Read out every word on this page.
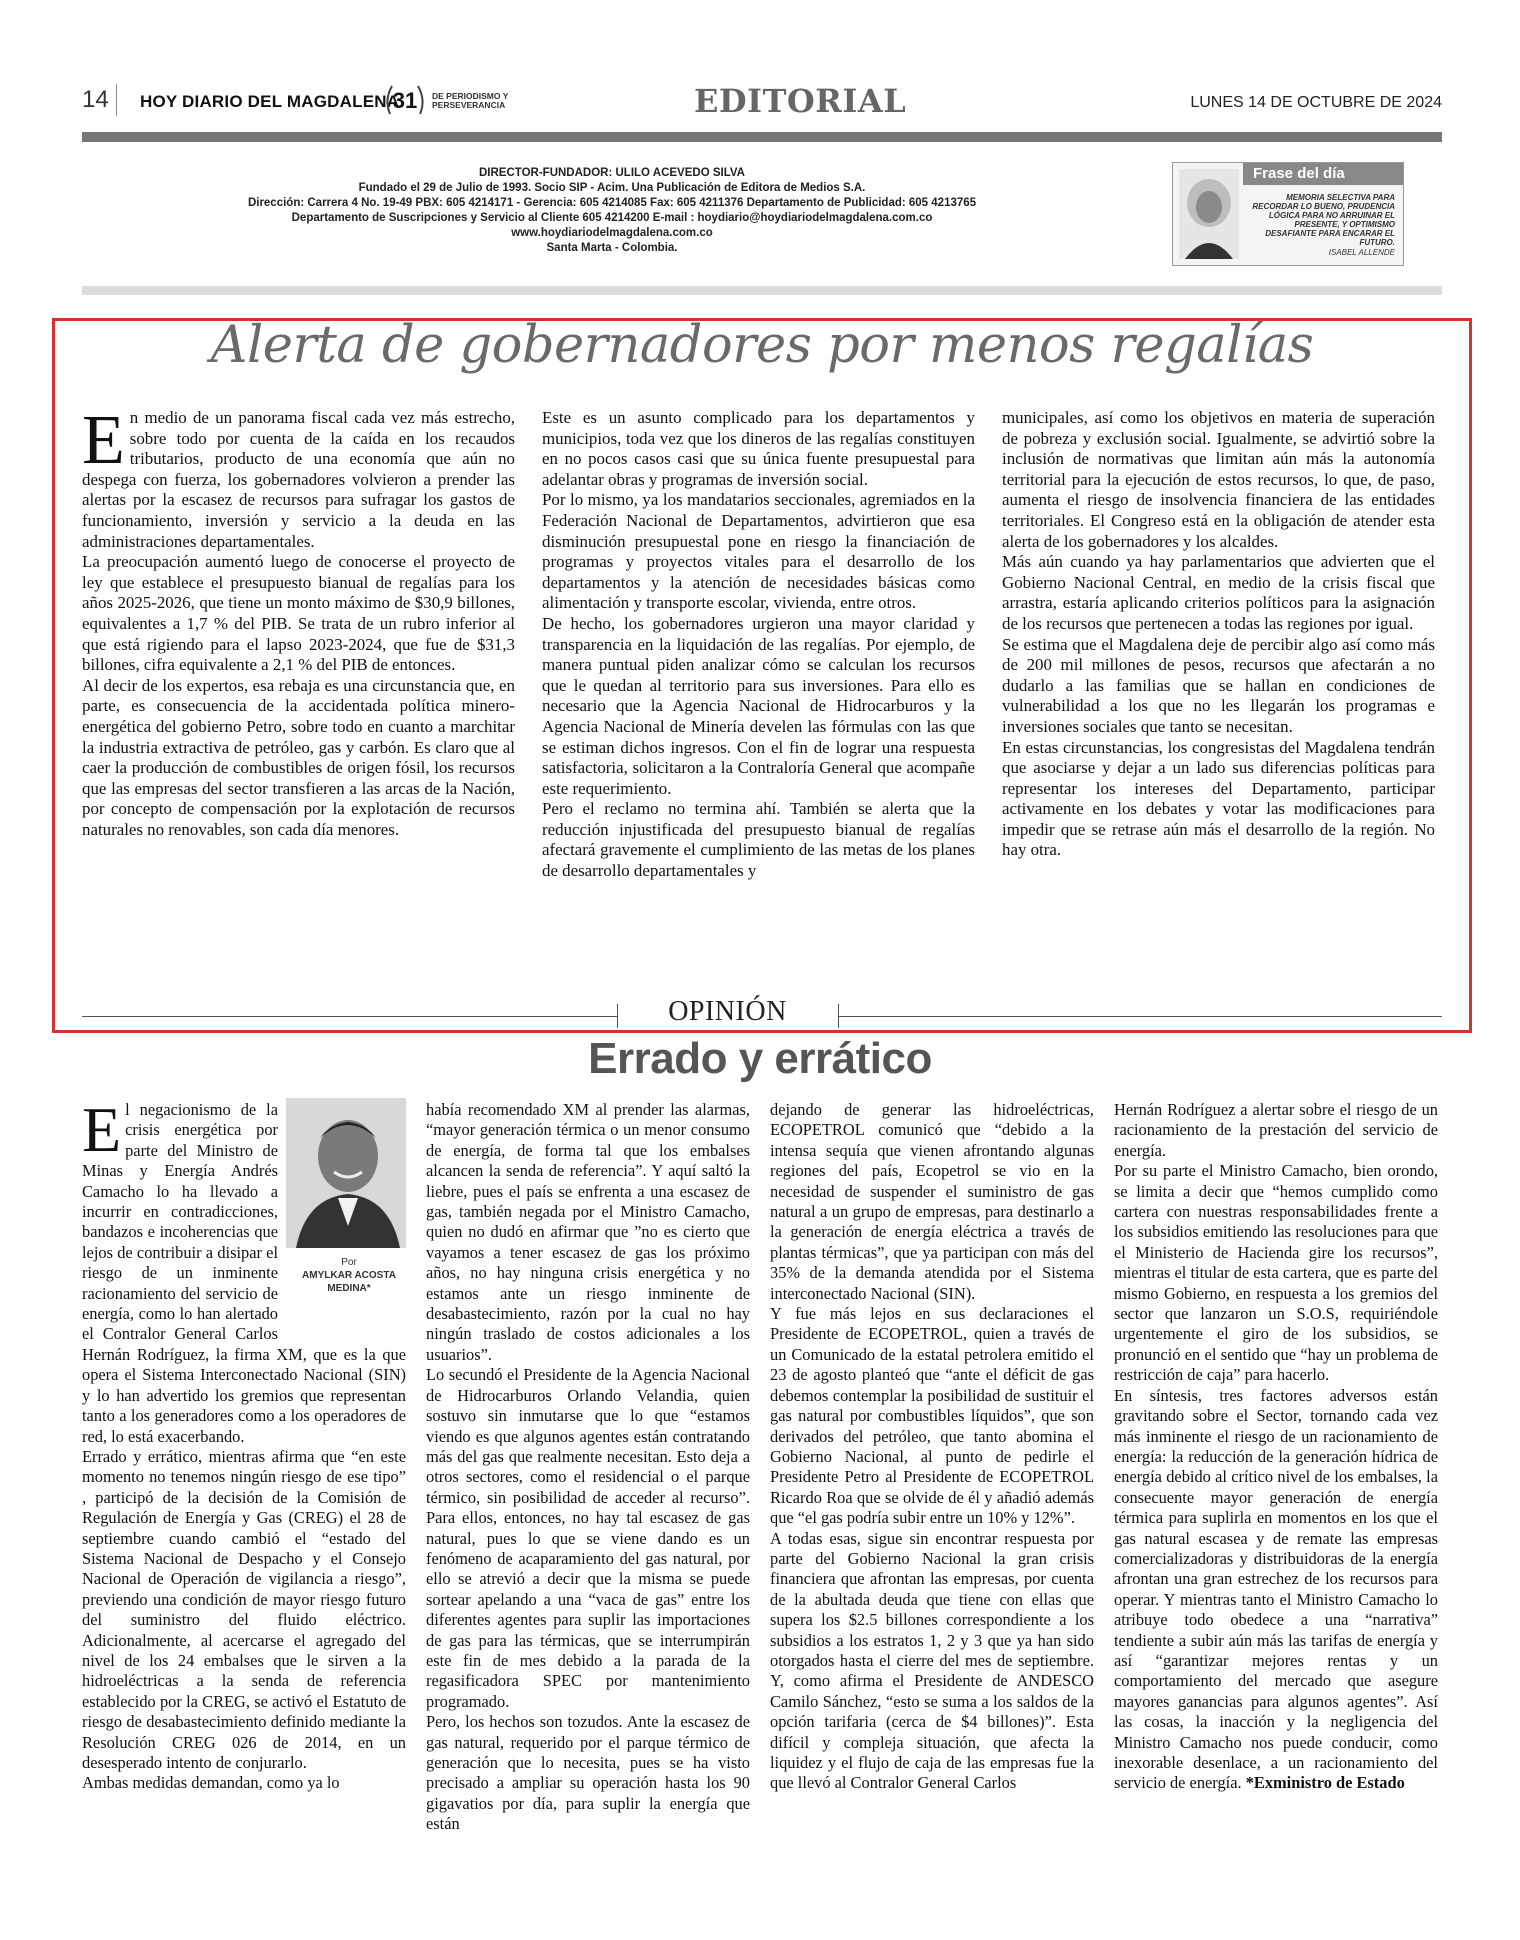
14 HOY DIARIO DEL MAGDALENA
31 DE PERIODISMO Y PERSEVERANCIA	EDITORIAL	LUNES 14 DE OCTUBRE DE 2024
DIRECTOR-FUNDADOR: ULILO ACEVEDO SILVA
Fundado el 29 de Julio de 1993. Socio SIP - Acim. Una Publicación de Editora de Medios S.A.
Dirección: Carrera 4 No. 19-49 PBX: 605 4214171 - Gerencia: 605 4214085 Fax: 605 4211376 Departamento de Publicidad: 605 4213765
Departamento de Suscripciones y Servicio al Cliente 605 4214200 E-mail : hoydiario@hoydiariodelmagdalena.com.co
www.hoydiariodelmagdalena.com.co
Santa Marta - Colombia.
Frase del día
MEMORIA SELECTIVA PARA RECORDAR LO BUENO, PRUDENCIA LÓGICA PARA NO ARRUINAR EL PRESENTE, Y OPTIMISMO DESAFIANTE PARA ENCARAR EL FUTURO.
ISABEL ALLENDE
Alerta de gobernadores por menos regalías

En medio de un panorama fiscal cada vez más estrecho, sobre todo por cuenta de la caída en los recaudos tributarios, producto de una economía que aún no despega con fuerza, los gobernadores volvieron a prender las alertas por la escasez de recursos para sufragar los gastos de funcionamiento, inversión y servicio a la deuda en las administraciones departamentales.

La preocupación aumentó luego de conocerse el proyecto de ley que establece el presupuesto bianual de regalías para los años 2025-2026, que tiene un monto máximo de $30,9 billones, equivalentes a 1,7 % del PIB. Se trata de un rubro inferior al que está rigiendo para el lapso 2023-2024, que fue de $31,3 billones, cifra equivalente a 2,1 % del PIB de entonces.

Al decir de los expertos, esa rebaja es una circunstancia que, en parte, es consecuencia de la accidentada política minero-energética del gobierno Petro, sobre todo en cuanto a marchitar la industria extractiva de petróleo, gas y carbón. Es claro que al caer la producción de combustibles de origen fósil, los recursos que las empresas del sector transfieren a las arcas de la Nación, por concepto de compensación por la explotación de recursos naturales no renovables, son cada día menores.

Este es un asunto complicado para los departamentos y municipios, toda vez que los dineros de las regalías constituyen en no pocos casos casi que su única fuente presupuestal para adelantar obras y programas de inversión social.

Por lo mismo, ya los mandatarios seccionales, agremiados en la Federación Nacional de Departamentos, advirtieron que esa disminución presupuestal pone en riesgo la financiación de programas y proyectos vitales para el desarrollo de los departamentos y la atención de necesidades básicas como alimentación y transporte escolar, vivienda, entre otros.

De hecho, los gobernadores urgieron una mayor claridad y transparencia en la liquidación de las regalías. Por ejemplo, de manera puntual piden analizar cómo se calculan los recursos que le quedan al territorio para sus inversiones. Para ello es necesario que la Agencia Nacional de Hidrocarburos y la Agencia Nacional de Minería develen las fórmulas con las que se estiman dichos ingresos. Con el fin de lograr una respuesta satisfactoria, solicitaron a la Contraloría General que acompañe este requerimiento.

Pero el reclamo no termina ahí. También se alerta que la reducción injustificada del presupuesto bianual de regalías afectará gravemente el cumplimiento de las metas de los planes de desarrollo departamentales y

municipales, así como los objetivos en materia de superación de pobreza y exclusión social. Igualmente, se advirtió sobre la inclusión de normativas que limitan aún más la autonomía territorial para la ejecución de estos recursos, lo que, de paso, aumenta el riesgo de insolvencia financiera de las entidades territoriales. El Congreso está en la obligación de atender esta alerta de los gobernadores y los alcaldes.

Más aún cuando ya hay parlamentarios que advierten que el Gobierno Nacional Central, en medio de la crisis fiscal que arrastra, estaría aplicando criterios políticos para la asignación de los recursos que pertenecen a todas las regiones por igual.

Se estima que el Magdalena deje de percibir algo así como más de 200 mil millones de pesos, recursos que afectarán a no dudarlo a las familias que se hallan en condiciones de vulnerabilidad a los que no les llegarán los programas e inversiones sociales que tanto se necesitan.

En estas circunstancias, los congresistas del Magdalena tendrán que asociarse y dejar a un lado sus diferencias políticas para representar los intereses del Departamento, participar activamente en los debates y votar las modificaciones para impedir que se retrase aún más el desarrollo de la región. No hay otra.

OPINIÓN
Errado y errático
Por
AMYLKAR ACOSTA MEDINA*

El negacionismo de la crisis energética por parte del Ministro de Minas y Energía Andrés Camacho lo ha llevado a incurrir en contradicciones, bandazos e incoherencias que lejos de contribuir a disipar el riesgo de un inminente racionamiento del servicio de energía, como lo han alertado el Contralor General Carlos Hernán Rodríguez, la firma XM, que es la que opera el Sistema Interconectado Nacional (SIN) y lo han advertido los gremios que representan tanto a los generadores como a los operadores de red, lo está exacerbando.

Errado y errático, mientras afirma que “en este momento no tenemos ningún riesgo de ese tipo” , participó de la decisión de la Comisión de Regulación de Energía y Gas (CREG) el 28 de septiembre cuando cambió el “estado del Sistema Nacional de Despacho y el Consejo Nacional de Operación de vigilancia a riesgo”, previendo una condición de mayor riesgo futuro del suministro del fluido eléctrico. Adicionalmente, al acercarse el agregado del nivel de los 24 embalses que le sirven a la hidroeléctricas a la senda de referencia establecido por la CREG, se activó el Estatuto de riesgo de desabastecimiento definido mediante la Resolución CREG 026 de 2014, en un desesperado intento de conjurarlo.

Ambas medidas demandan, como ya lo

había recomendado XM al prender las alarmas, “mayor generación térmica o un menor consumo de energía, de forma tal que los embalses alcancen la senda de referencia”. Y aquí saltó la liebre, pues el país se enfrenta a una escasez de gas, también negada por el Ministro Camacho, quien no dudó en afirmar que ”no es cierto que vayamos a tener escasez de gas los próximo años, no hay ninguna crisis energética y no estamos ante un riesgo inminente de desabastecimiento, razón por la cual no hay ningún traslado de costos adicionales a los usuarios”.

Lo secundó el Presidente de la Agencia Nacional de Hidrocarburos Orlando Velandia, quien sostuvo sin inmutarse que lo que “estamos viendo es que algunos agentes están contratando más del gas que realmente necesitan. Esto deja a otros sectores, como el residencial o el parque térmico, sin posibilidad de acceder al recurso”. Para ellos, entonces, no hay tal escasez de gas natural, pues lo que se viene dando es un fenómeno de acaparamiento del gas natural, por ello se atrevió a decir que la misma se puede sortear apelando a una “vaca de gas” entre los diferentes agentes para suplir las importaciones de gas para las térmicas, que se interrumpirán este fin de mes debido a la parada de la regasificadora SPEC por mantenimiento programado.

Pero, los hechos son tozudos. Ante la escasez de gas natural, requerido por el parque térmico de generación que lo necesita, pues se ha visto precisado a ampliar su operación hasta los 90 gigavatios por día, para suplir la energía que están

dejando de generar las hidroeléctricas, ECOPETROL comunicó que “debido a la intensa sequía que vienen afrontando algunas regiones del país, Ecopetrol se vio en la necesidad de suspender el suministro de gas natural a un grupo de empresas, para destinarlo a la generación de energía eléctrica a través de plantas térmicas”, que ya participan con más del 35% de la demanda atendida por el Sistema interconectado Nacional (SIN).

Y fue más lejos en sus declaraciones el Presidente de ECOPETROL, quien a través de un Comunicado de la estatal petrolera emitido el 23 de agosto planteó que “ante el déficit de gas debemos contemplar la posibilidad de sustituir el gas natural por combustibles líquidos”, que son derivados del petróleo, que tanto abomina el Gobierno Nacional, al punto de pedirle el Presidente Petro al Presidente de ECOPETROL Ricardo Roa que se olvide de él y añadió además que “el gas podría subir entre un 10% y 12%”.

A todas esas, sigue sin encontrar respuesta por parte del Gobierno Nacional la gran crisis financiera que afrontan las empresas, por cuenta de la abultada deuda que tiene con ellas que supera los $2.5 billones correspondiente a los subsidios a los estratos 1, 2 y 3 que ya han sido otorgados hasta el cierre del mes de septiembre. Y, como afirma el Presidente de ANDESCO Camilo Sánchez, “esto se suma a los saldos de la opción tarifaria (cerca de $4 billones)”. Esta difícil y compleja situación, que afecta la liquidez y el flujo de caja de las empresas fue la que llevó al Contralor General Carlos

Hernán Rodríguez a alertar sobre el riesgo de un racionamiento de la prestación del servicio de energía.

Por su parte el Ministro Camacho, bien orondo, se limita a decir que “hemos cumplido como cartera con nuestras responsabilidades frente a los subsidios emitiendo las resoluciones para que el Ministerio de Hacienda gire los recursos”, mientras el titular de esta cartera, que es parte del mismo Gobierno, en respuesta a los gremios del sector que lanzaron un S.O.S, requiriéndole urgentemente el giro de los subsidios, se pronunció en el sentido que “hay un problema de restricción de caja” para hacerlo.

En síntesis, tres factores adversos están gravitando sobre el Sector, tornando cada vez más inminente el riesgo de un racionamiento de energía: la reducción de la generación hídrica de energía debido al crítico nivel de los embalses, la consecuente mayor generación de energía térmica para suplirla en momentos en los que el gas natural escasea y de remate las empresas comercializadoras y distribuidoras de la energía afrontan una gran estrechez de los recursos para operar. Y mientras tanto el Ministro Camacho lo atribuye todo obedece a una “narrativa” tendiente a subir aún más las tarifas de energía y así “garantizar mejores rentas y un comportamiento del mercado que asegure mayores ganancias para algunos agentes”. Así las cosas, la inacción y la negligencia del Ministro Camacho nos puede conducir, como inexorable desenlace, a un racionamiento del servicio de energía. *Exministro de Estado
